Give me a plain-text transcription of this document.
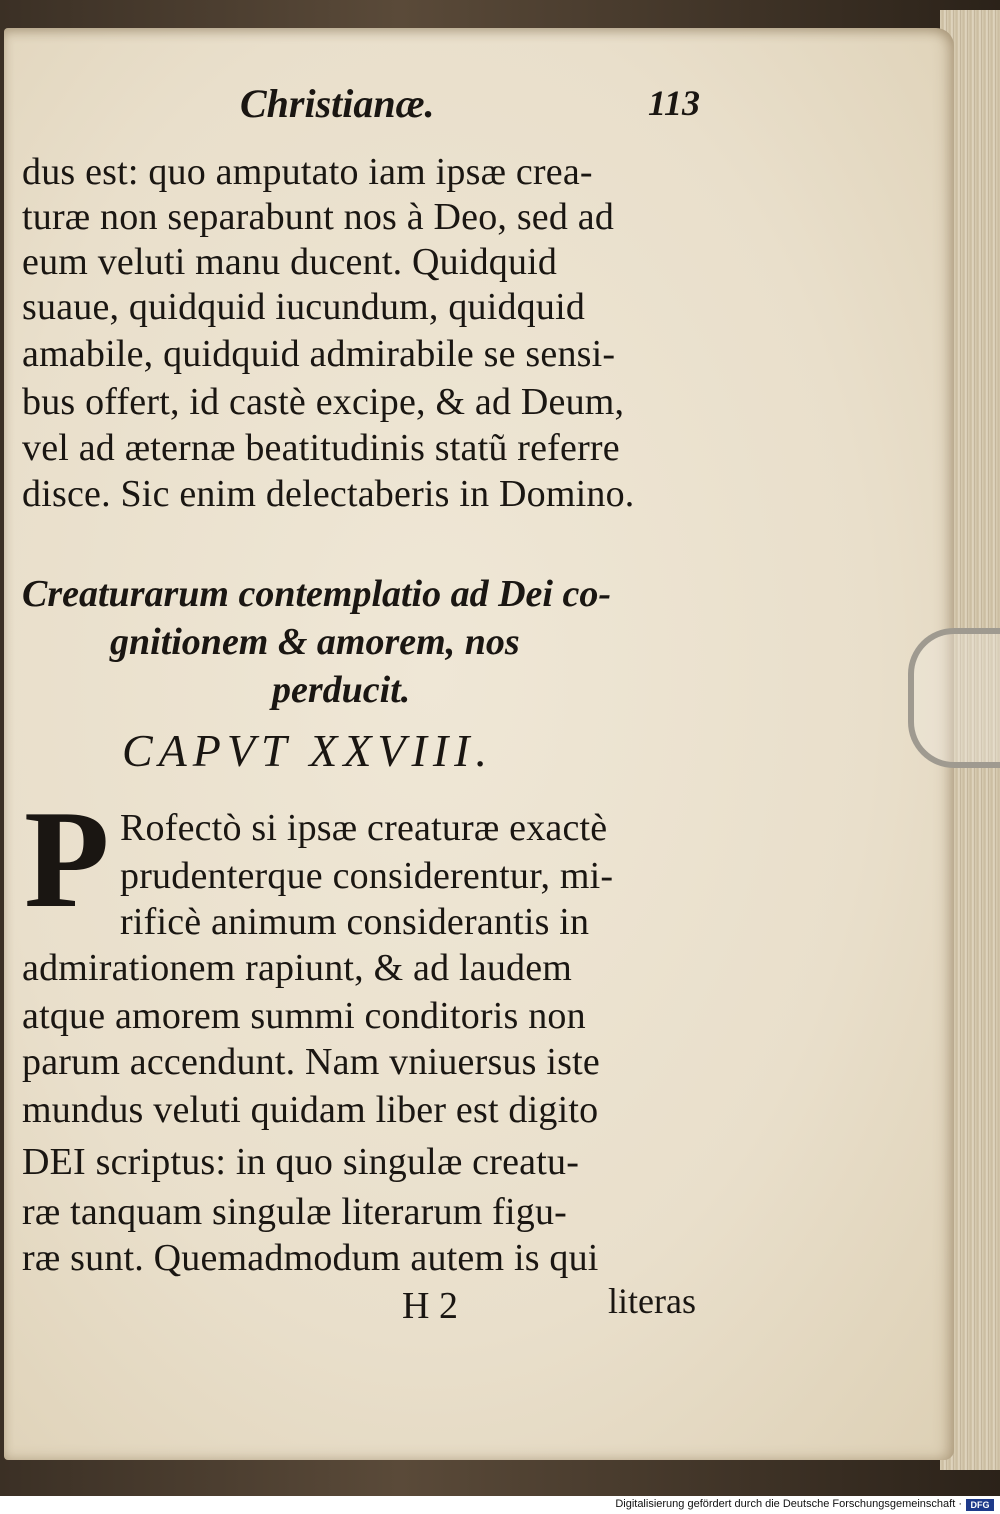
Christianæ.	113
dus est: quo amputato iam ipsæ crea-
turæ non separabunt nos à Deo, sed ad
eum veluti manu ducent. Quidquid
suaue, quidquid iucundum, quidquid
amabile, quidquid admirabile se sensi-
bus offert, id castè excipe, & ad Deum,
vel ad æternæ beatitudinis statũ referre
disce. Sic enim delectaberis in Domino.
Creaturarum contemplatio ad Dei co-
gnitionem & amorem, nos
perducit.
CAPVT XXVIII.
P Rofectò si ipsæ creaturæ exactè
prudenterque considerentur, mi-
rificè animum considerantis in
admirationem rapiunt, & ad laudem
atque amorem summi conditoris non
parum accendunt. Nam vniuersus iste
mundus veluti quidam liber est digito
DEI scriptus: in quo singulæ creatu-
ræ tanquam singulæ literarum figu-
ræ sunt. Quemadmodum autem is qui
H 2	literas
Digitalisierung gefördert durch die Deutsche Forschungsgemeinschaft · DFG
